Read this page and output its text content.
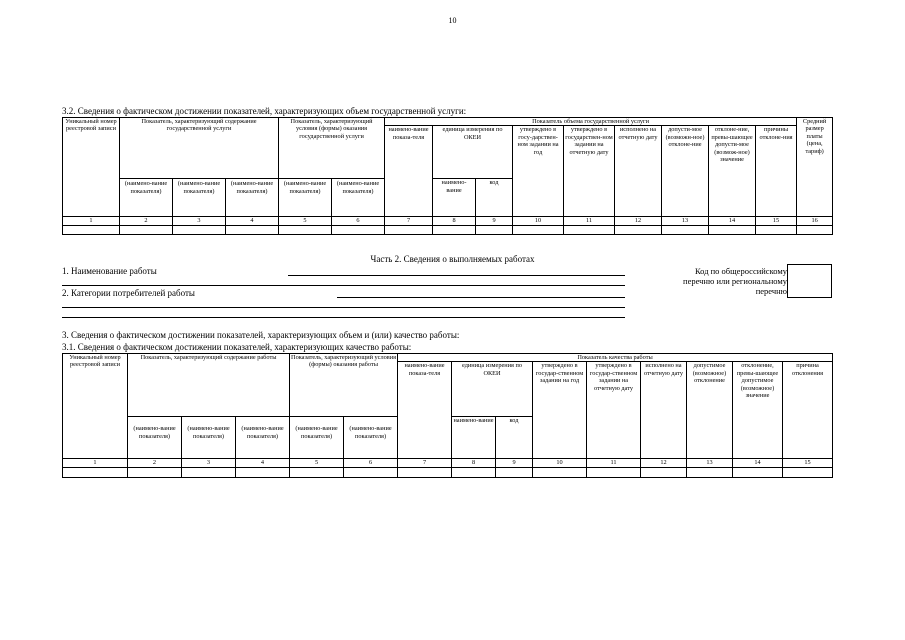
10
3.2. Сведения о фактическом достижении показателей, характеризующих объем государственной услуги:
Уникальный номер реестровой записи	Показатель, характеризующий содержание государственной услуги			Показатель, характеризующий условия (формы) оказания государственной услуги		Показатель объема государственной услуги									Средний размер платы (цена, тариф)
						наимено-вание показа-теля	единица измерения по ОКЕИ		утверждено в госу-дарствен-ном задании на год	утверждено в государствен-ном задании на отчетную дату	исполнено на отчетную дату	допусти-мое (возможн-ное) отклоне-ние	отклоне-ние, превы-шающее допусти-мое (возмож-ное) значение	причины отклоне-ния	
	(наимено-вание показателя)	(наимено-вание показателя)	(наимено-вание показателя)	(наимено-вание показателя)	(наимено-вание показателя)		наимено-вание	код							
1	2	3	4	5	6	7	8	9	10	11	12	13	14	15	16

Часть 2. Сведения о выполняемых работах
1. Наименование работы
2. Категории потребителей работы
Код по общероссийскому перечню или региональному перечню
3. Сведения о фактическом достижении показателей, характеризующих объем и (или) качество работы:
3.1. Сведения о фактическом достижении показателей, характеризующих качество работы:
Уникальный номер реестровой записи	Показатель, характеризующий содержание работы			Показатель, характеризующий условия (формы) оказания работы		Показатель качества работы								
						наимено-вание показа-теля	единица измерения по ОКЕИ		утверждено в государ-ственном задании на год	утверждено в государ-ственном задании на отчетную дату	исполнено на отчетную дату	допустимое (возможное) отклонение	отклонение, превы-шающее допустимое (возможное) значение	причина отклонения
	(наимено-вание показателя)	(наимено-вание показателя)	(наимено-вание показателя)	(наимено-вание показателя)	(наимено-вание показателя)		наимено-вание	код						
1	2	3	4	5	6	7	8	9	10	11	12	13	14	15
